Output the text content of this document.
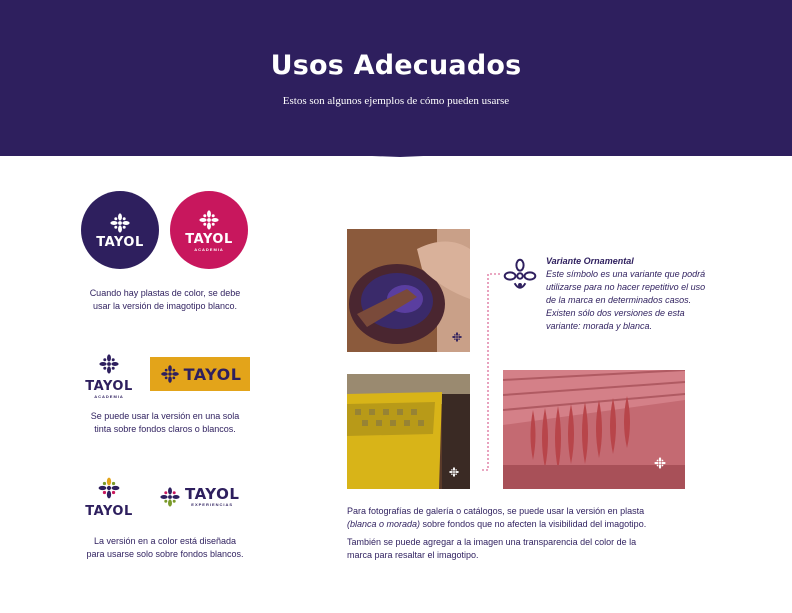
Usos Adecuados
Estos son algunos ejemplos de cómo pueden usarse
TAYOL	TAYOL
ACADEMIA
Cuando hay plastas de color, se debe
usar la versión de imagotipo blanco.
TAYOL
ACADEMIA
TAYOL
Se puede usar la versión en una sola
tinta sobre fondos claros o blancos.
TAYOL
TAYOL
EXPERIENCIAS
La versión en a color está diseñada
para usarse solo sobre fondos blancos.
Variante Ornamental
Este símbolo es una variante que podrá
utilizarse para no hacer repetitivo el uso
de la marca en determinados casos.
Existen sólo dos versiones de esta
variante: morada y blanca.
Para fotografías de galería o catálogos, se puede usar la versión en plasta
(blanca o morada) sobre fondos que no afecten la visibilidad del imagotipo.
También se puede agregar a la imagen una transparencia del color de la
marca para resaltar el imagotipo.
